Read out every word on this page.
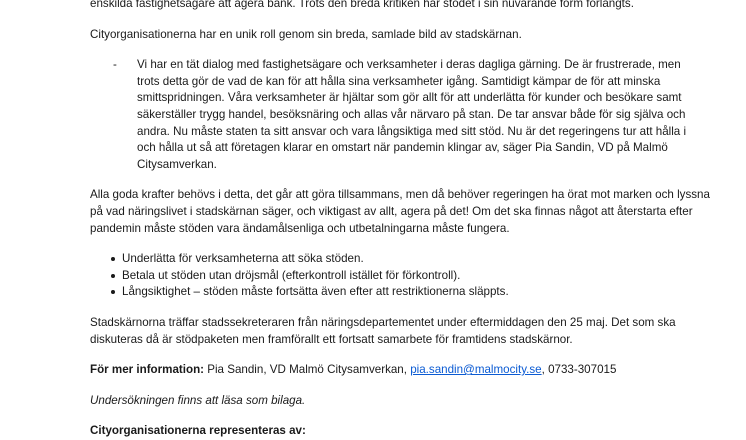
enskilda fastighetsägare att agera bank. Trots den breda kritiken har stödet i sin nuvarande form förlängts.

Cityorganisationerna har en unik roll genom sin breda, samlade bild av stadskärnan.

- Vi har en tät dialog med fastighetsägare och verksamheter i deras dagliga gärning. De är frustrerade, men trots detta gör de vad de kan för att hålla sina verksamheter igång. Samtidigt kämpar de för att minska smittspridningen. Våra verksamheter är hjältar som gör allt för att underlätta för kunder och besökare samt säkerställer trygg handel, besöksnäring och allas vår närvaro på stan. De tar ansvar både för sig själva och andra. Nu måste staten ta sitt ansvar och vara långsiktiga med sitt stöd. Nu är det regeringens tur att hålla i och hålla ut så att företagen klarar en omstart när pandemin klingar av, säger Pia Sandin, VD på Malmö Citysamverkan.

Alla goda krafter behövs i detta, det går att göra tillsammans, men då behöver regeringen ha örat mot marken och lyssna på vad näringslivet i stadskärnan säger, och viktigast av allt, agera på det! Om det ska finnas något att återstarta efter pandemin måste stöden vara ändamålsenliga och utbetalningarna måste fungera.

Underlätta för verksamheterna att söka stöden.
Betala ut stöden utan dröjsmål (efterkontroll istället för förkontroll).
Långsiktighet – stöden måste fortsätta även efter att restriktionerna släppts.

Stadskärnorna träffar stadssekreteraren från näringsdepartementet under eftermiddagen den 25 maj. Det som ska diskuteras då är stödpaketen men framförallt ett fortsatt samarbete för framtidens stadskärnor.

För mer information: Pia Sandin, VD Malmö Citysamverkan, pia.sandin@malmocity.se, 0733-307015

Undersökningen finns att läsa som bilaga.

Cityorganisationerna representeras av:
